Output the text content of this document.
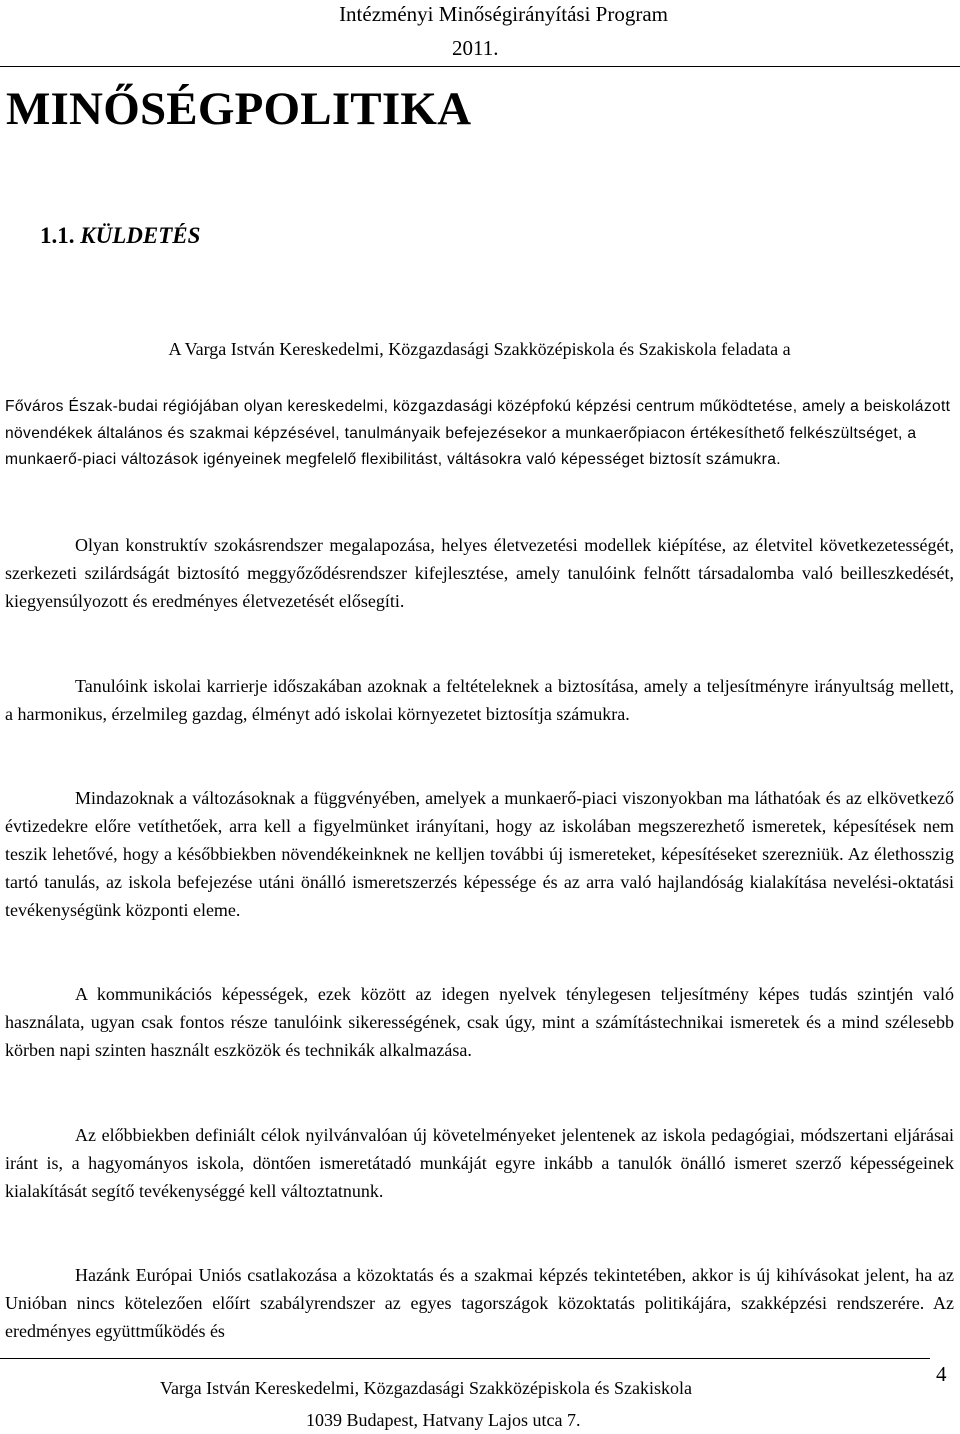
Intézményi Minőségirányítási Program
2011.
MINŐSÉGPOLITIKA
1.1. KÜLDETÉS

A Varga István Kereskedelmi, Közgazdasági Szakközépiskola és Szakiskola feladata a

Főváros Észak-budai régiójában olyan kereskedelmi, közgazdasági középfokú képzési centrum működtetése, amely a beiskolázott növendékek általános és szakmai képzésével, tanulmányaik befejezésekor a munkaerőpiacon értékesíthető felkészültséget, a munkaerő-piaci változások igényeinek megfelelő flexibilitást, váltásokra való képességet biztosít számukra.

Olyan konstruktív szokásrendszer megalapozása, helyes életvezetési modellek kiépítése, az életvitel következetességét, szerkezeti szilárdságát biztosító meggyőződésrendszer kifejlesztése, amely tanulóink felnőtt társadalomba való beilleszkedését, kiegyensúlyozott és eredményes életvezetését elősegíti.

Tanulóink iskolai karrierje időszakában azoknak a feltételeknek a biztosítása, amely a teljesítményre irányultság mellett, a harmonikus, érzelmileg gazdag, élményt adó iskolai környezetet biztosítja számukra.

Mindazoknak a változásoknak a függvényében, amelyek a munkaerő-piaci viszonyokban ma láthatóak és az elkövetkező évtizedekre előre vetíthetőek, arra kell a figyelmünket irányítani, hogy az iskolában megszerezhető ismeretek, képesítések nem teszik lehetővé, hogy a későbbiekben növendékeinknek ne kelljen további új ismereteket, képesítéseket szerezniük. Az élethosszig tartó tanulás, az iskola befejezése utáni önálló ismeretszerzés képessége és az arra való hajlandóság kialakítása nevelési-oktatási tevékenységünk központi eleme.

A kommunikációs képességek, ezek között az idegen nyelvek ténylegesen teljesítmény képes tudás szintjén való használata, ugyan csak fontos része tanulóink sikerességének, csak úgy, mint a számítástechnikai ismeretek és a mind szélesebb körben napi szinten használt eszközök és technikák alkalmazása.

Az előbbiekben definiált célok nyilvánvalóan új követelményeket jelentenek az iskola pedagógiai, módszertani eljárásai iránt is, a hagyományos iskola, döntően ismeretátadó munkáját egyre inkább a tanulók önálló ismeret szerző képességeinek kialakítását segítő tevékenységgé kell változtatnunk.

Hazánk Európai Uniós csatlakozása a közoktatás és a szakmai képzés tekintetében, akkor is új kihívásokat jelent, ha az Unióban nincs kötelezően előírt szabályrendszer az egyes tagországok közoktatás politikájára, szakképzési rendszerére. Az eredményes együttműködés és

Varga István Kereskedelmi, Közgazdasági Szakközépiskola és Szakiskola
1039 Budapest, Hatvany Lajos utca 7.
4
